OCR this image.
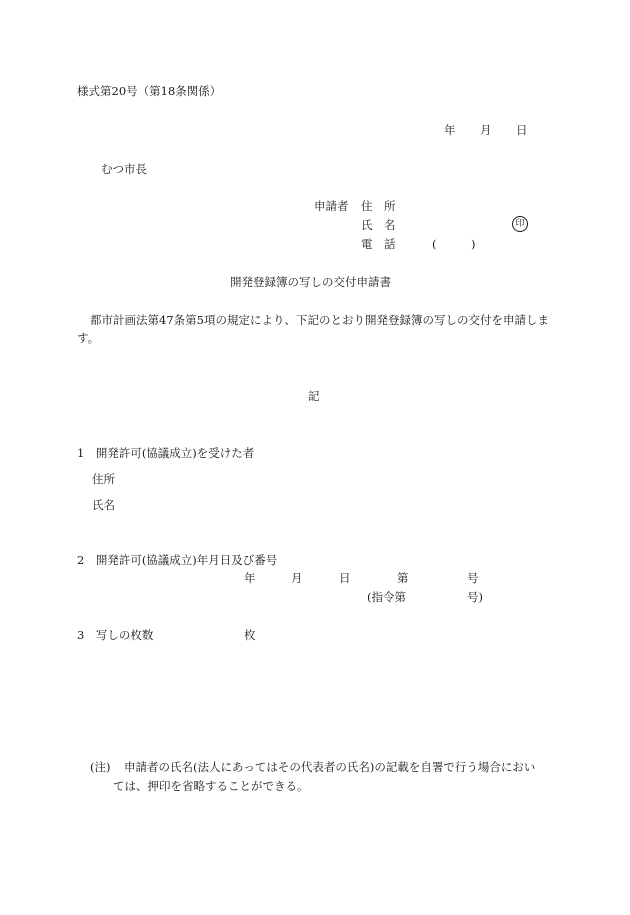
様式第20号（第18条関係）
年 月 日
むつ市長
申請者 住　所
氏　名	印
電　話	(　　　)
開発登録簿の写しの交付申請書
都市計画法第47条第5項の規定により、下記のとおり開発登録簿の写しの交付を申請しま
す。
記
1　開発許可(協議成立)を受けた者
住所
氏名
2　開発許可(協議成立)年月日及び番号
年	月	日	第	号
(指令第	号)
3　写しの枚数	枚
(注) 申請者の氏名(法人にあってはその代表者の氏名)の記載を自署で行う場合におい
ては、押印を省略することができる。
